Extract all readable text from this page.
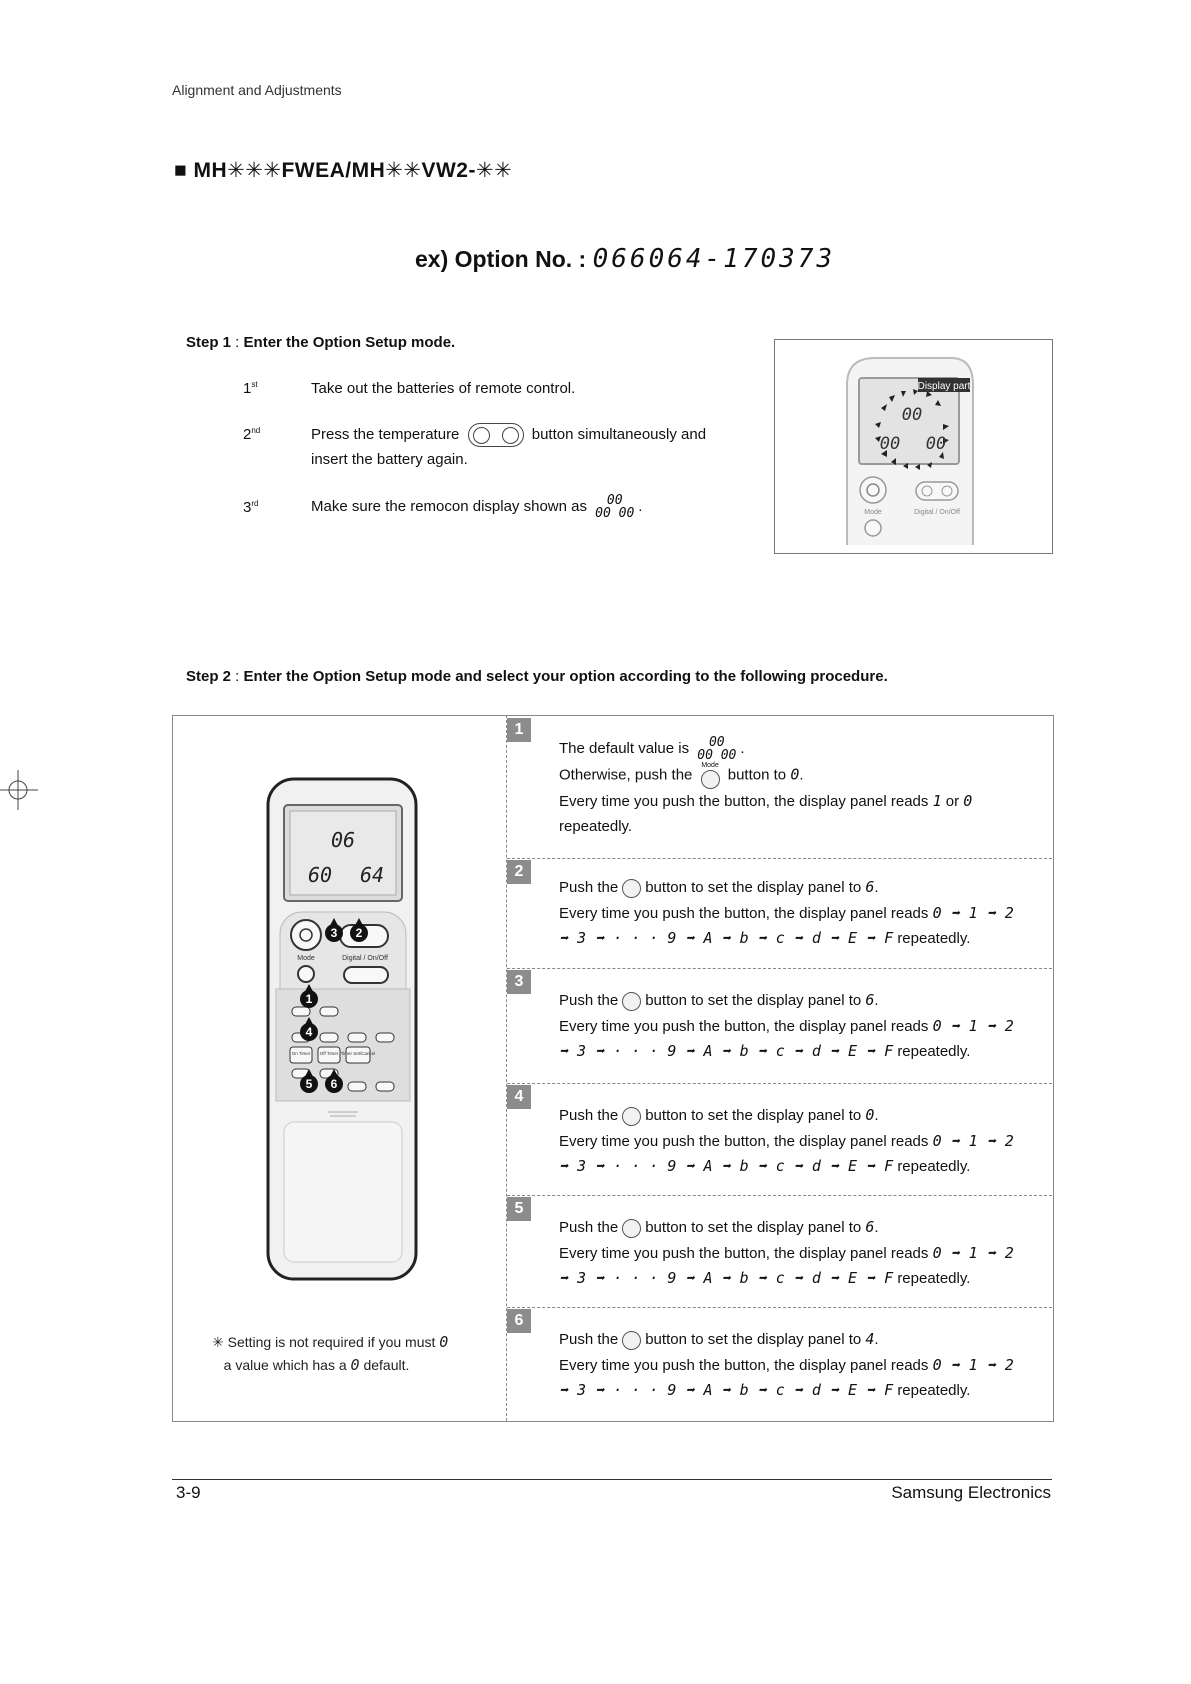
Alignment and Adjustments
■ MH✳✳✳FWEA/MH✳✳VW2-✳✳
ex) Option No. : 066064-170373
Step 1 : Enter the Option Setup mode.
1st	Take out the batteries of remote control.
2nd	Press the temperature	button simultaneously and
insert the battery again.
3rd	Make sure the remocon display shown as 00
00 00 .
00
00 00
Display part
Mode	Digital / On/Off
Step 2 : Enter the Option Setup mode and select your option according to the following procedure.
06
60 64
Mode	Digital / On/Off
On Timer Off Timer Timer Set/Cancel
1
2
3
4
5 6
✳ Setting is not required if you must 0
a value which has a 0 default.
1
The default value is 00
00 00 .
Otherwise, push the Mode
button to 0.
Every time you push the button, the display panel reads 1 or 0
repeatedly.
2
Push the button to set the display panel to 6.
Every time you push the button, the display panel reads 0 ➡ 1 ➡ 2
➡ 3 ➡ · · · 9 ➡ A ➡ b ➡ c ➡ d ➡ E ➡ F repeatedly.
3
Push the button to set the display panel to 6.
Every time you push the button, the display panel reads 0 ➡ 1 ➡ 2
➡ 3 ➡ · · · 9 ➡ A ➡ b ➡ c ➡ d ➡ E ➡ F repeatedly.
4
Push the button to set the display panel to 0.
Every time you push the button, the display panel reads 0 ➡ 1 ➡ 2
➡ 3 ➡ · · · 9 ➡ A ➡ b ➡ c ➡ d ➡ E ➡ F repeatedly.
5
Push the button to set the display panel to 6.
Every time you push the button, the display panel reads 0 ➡ 1 ➡ 2
➡ 3 ➡ · · · 9 ➡ A ➡ b ➡ c ➡ d ➡ E ➡ F repeatedly.
6
Push the button to set the display panel to 4.
Every time you push the button, the display panel reads 0 ➡ 1 ➡ 2
➡ 3 ➡ · · · 9 ➡ A ➡ b ➡ c ➡ d ➡ E ➡ F repeatedly.
3-9	Samsung Electronics
